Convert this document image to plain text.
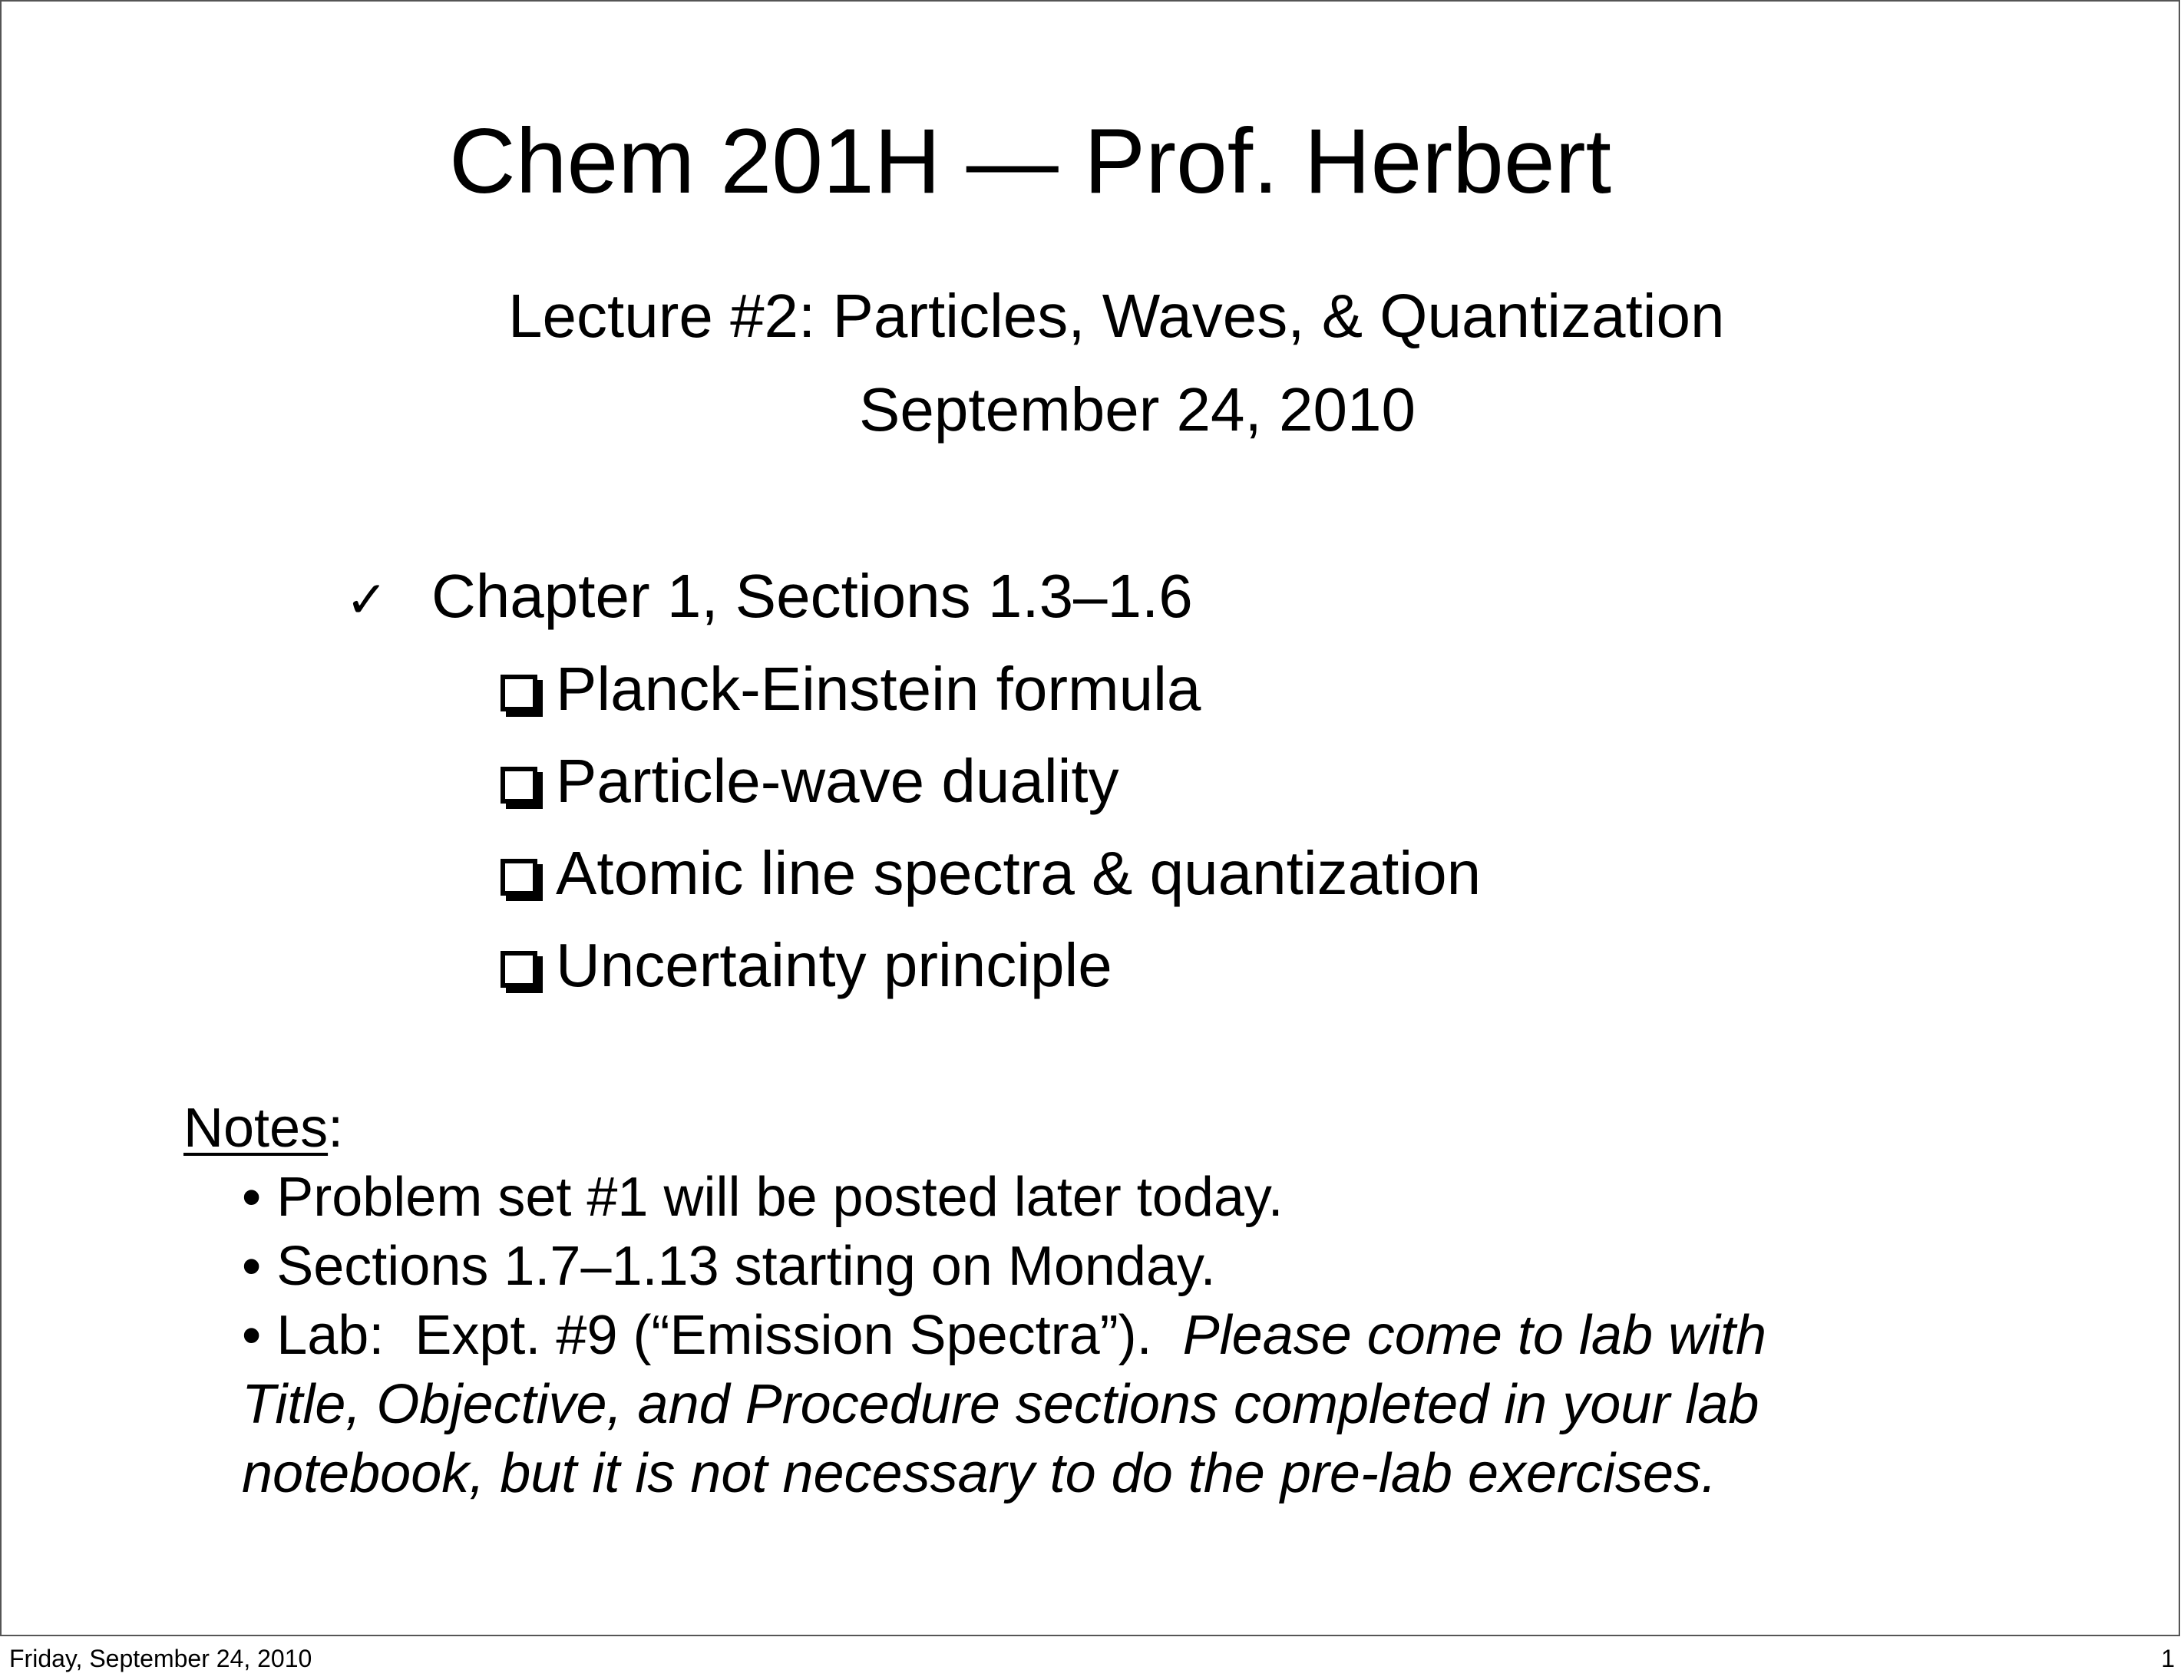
Chem 201H — Prof. Herbert
Lecture #2: Particles, Waves, & Quantization
September 24, 2010
✓ Chapter 1, Sections 1.3–1.6
Planck-Einstein formula
Particle-wave duality
Atomic line spectra & quantization
Uncertainty principle
Notes:
• Problem set #1 will be posted later today.
• Sections 1.7–1.13 starting on Monday.
• Lab:  Expt. #9 (“Emission Spectra”).  Please come to lab with
Title, Objective, and Procedure sections completed in your lab
notebook, but it is not necessary to do the pre-lab exercises.
Friday, September 24, 2010	1
